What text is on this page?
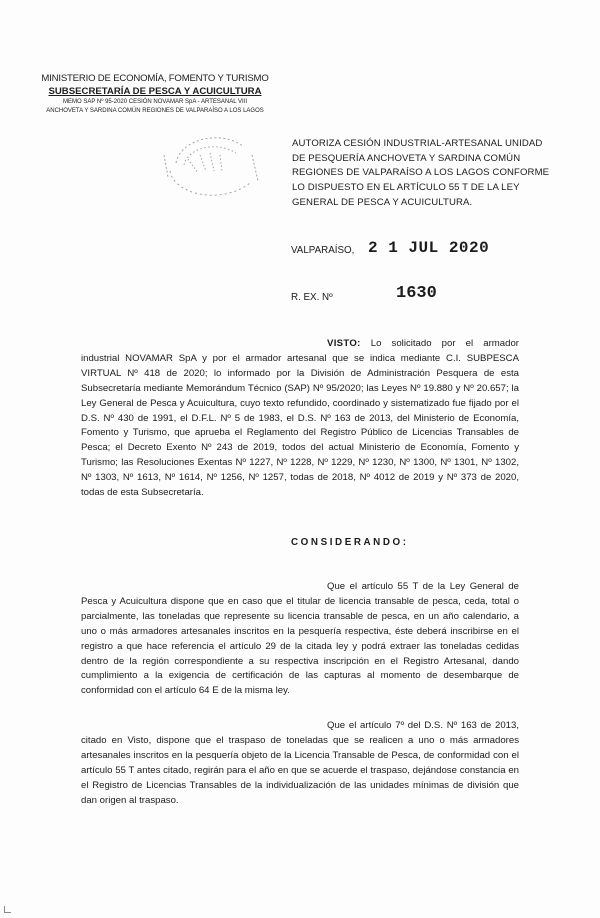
MINISTERIO DE ECONOMÍA, FOMENTO Y TURISMO
SUBSECRETARÍA DE PESCA Y ACUICULTURA
MEMO SAP Nº 95-2020 CESIÓN NOVAMAR SpA - ARTESANAL VIII
ANCHOVETA Y SARDINA COMÚN REGIONES DE VALPARAÍSO A LOS LAGOS
AUTORIZA CESIÓN INDUSTRIAL-ARTESANAL UNIDAD DE PESQUERÍA ANCHOVETA Y SARDINA COMÚN REGIONES DE VALPARAÍSO A LOS LAGOS CONFORME LO DISPUESTO EN EL ARTÍCULO 55 T DE LA LEY GENERAL DE PESCA Y ACUICULTURA.
VALPARAÍSO, 2 1 JUL 2020
R. EX. Nº	1630
VISTO: Lo solicitado por el armador industrial NOVAMAR SpA y por el armador artesanal que se indica mediante C.I. SUBPESCA VIRTUAL Nº 418 de 2020; lo informado por la División de Administración Pesquera de esta Subsecretaría mediante Memorándum Técnico (SAP) Nº 95/2020; las Leyes Nº 19.880 y Nº 20.657; la Ley General de Pesca y Acuicultura, cuyo texto refundido, coordinado y sistematizado fue fijado por el D.S. Nº 430 de 1991, el D.F.L. Nº 5 de 1983, el D.S. Nº 163 de 2013, del Ministerio de Economía, Fomento y Turismo, que aprueba el Reglamento del Registro Público de Licencias Transables de Pesca; el Decreto Exento Nº 243 de 2019, todos del actual Ministerio de Economía, Fomento y Turismo; las Resoluciones Exentas Nº 1227, Nº 1228, Nº 1229, Nº 1230, Nº 1300, Nº 1301, Nº 1302, Nº 1303, Nº 1613, Nº 1614, Nº 1256, Nº 1257, todas de 2018, Nº 4012 de 2019 y Nº 373 de 2020, todas de esta Subsecretaría.
CONSIDERANDO:
Que el artículo 55 T de la Ley General de Pesca y Acuicultura dispone que en caso que el titular de licencia transable de pesca, ceda, total o parcialmente, las toneladas que represente su licencia transable de pesca, en un año calendario, a uno o más armadores artesanales inscritos en la pesquería respectiva, éste deberá inscribirse en el registro a que hace referencia el artículo 29 de la citada ley y podrá extraer las toneladas cedidas dentro de la región correspondiente a su respectiva inscripción en el Registro Artesanal, dando cumplimiento a la exigencia de certificación de las capturas al momento de desembarque de conformidad con el artículo 64 E de la misma ley.
Que el artículo 7º del D.S. Nº 163 de 2013, citado en Visto, dispone que el traspaso de toneladas que se realicen a uno o más armadores artesanales inscritos en la pesquería objeto de la Licencia Transable de Pesca, de conformidad con el artículo 55 T antes citado, regirán para el año en que se acuerde el traspaso, dejándose constancia en el Registro de Licencias Transables de la individualización de las unidades mínimas de división que dan origen al traspaso.
